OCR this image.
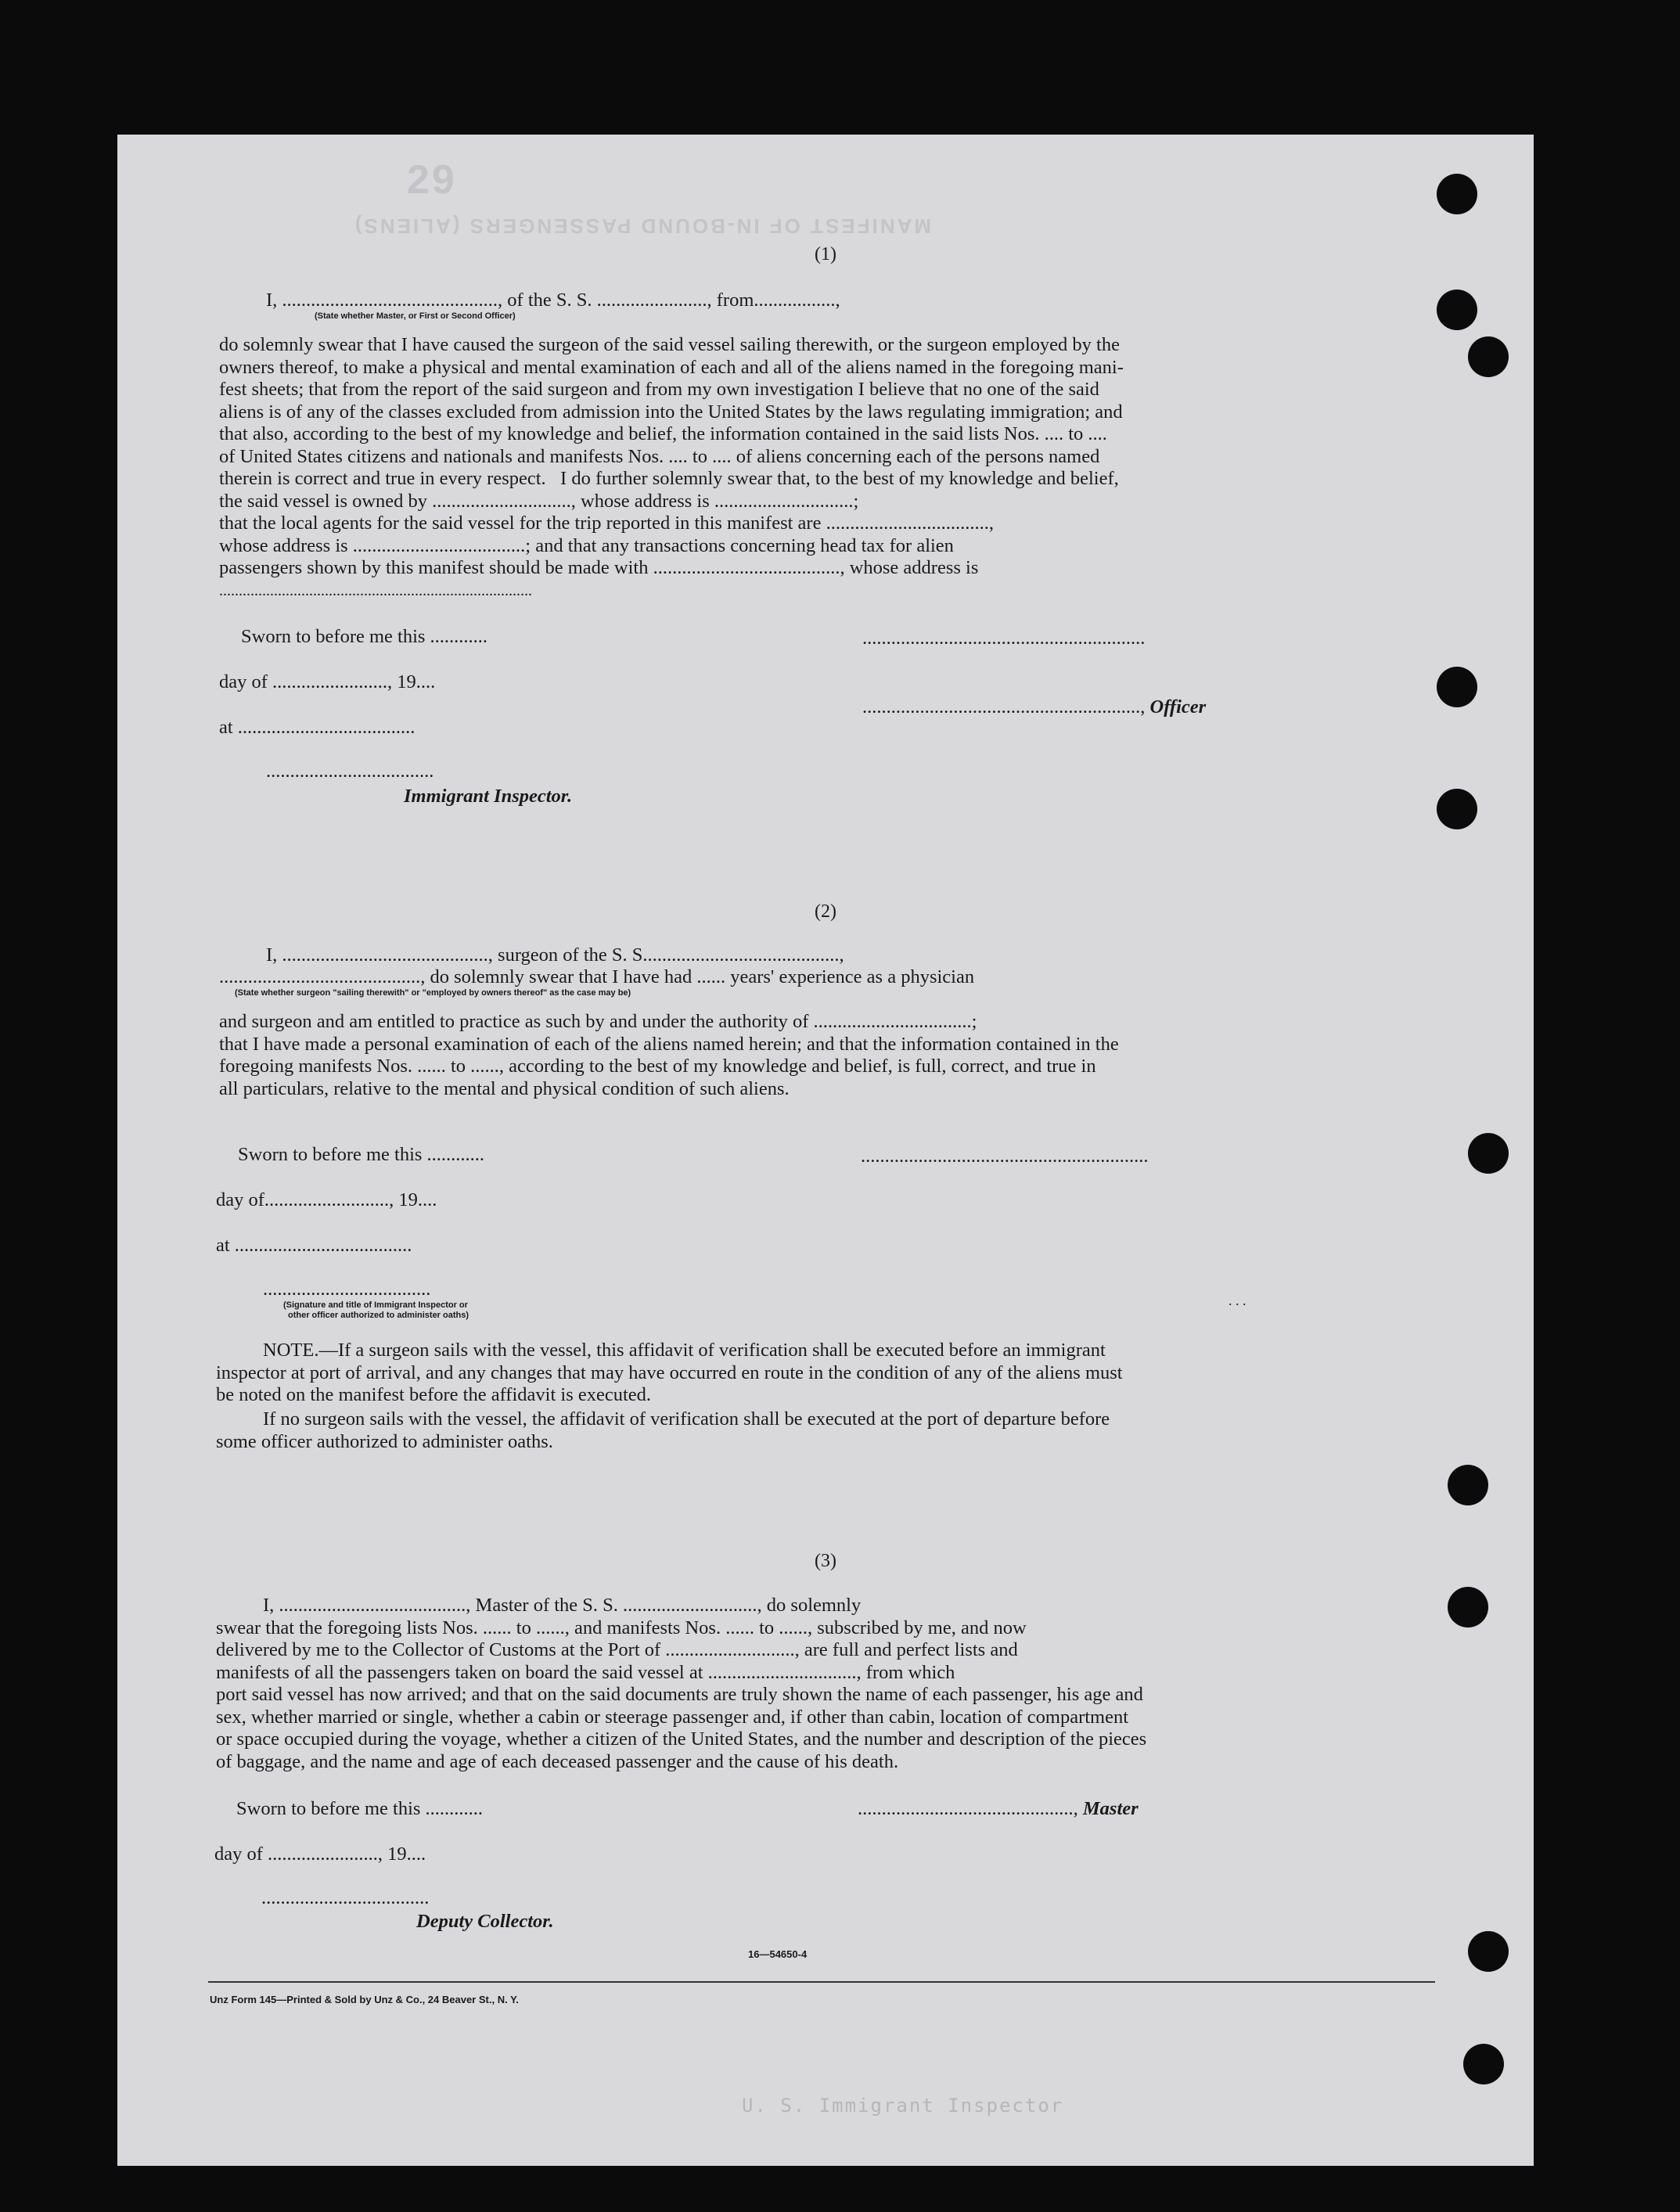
29
MANIFEST OF IN-BOUND PASSENGERS (ALIENS)
U. S. Immigrant Inspector
(1)
I, ............................................., of the S. S. ......................., from.................,
(State whether Master, or First or Second Officer)
do solemnly swear that I have caused the surgeon of the said vessel sailing therewith, or the surgeon employed by the
owners thereof, to make a physical and mental examination of each and all of the aliens named in the foregoing mani-
fest sheets; that from the report of the said surgeon and from my own investigation I believe that no one of the said
aliens is of any of the classes excluded from admission into the United States by the laws regulating immigration; and
that also, according to the best of my knowledge and belief, the information contained in the said lists Nos. .... to ....
of United States citizens and nationals and manifests Nos. .... to .... of aliens concerning each of the persons named
therein is correct and true in every respect.   I do further solemnly swear that, to the best of my knowledge and belief,
the said vessel is owned by ............................., whose address is .............................;
that the local agents for the said vessel for the trip reported in this manifest are ..................................,
whose address is ....................................; and that any transactions concerning head tax for alien
passengers shown by this manifest should be made with ......................................., whose address is
................................................................................
Sworn to before me this ............
day of ........................, 19....
at .....................................
...................................
Immigrant Inspector.
...........................................................
.........................................................., Officer
(2)
I, ..........................................., surgeon of the S. S.........................................,
.........................................., do solemnly swear that I have had ...... years' experience as a physician
(State whether surgeon "sailing therewith" or "employed by owners thereof" as the case may be)
and surgeon and am entitled to practice as such by and under the authority of .................................;
that I have made a personal examination of each of the aliens named herein; and that the information contained in the
foregoing manifests Nos. ...... to ......, according to the best of my knowledge and belief, is full, correct, and true in
all particulars, relative to the mental and physical condition of such aliens.
Sworn to before me this ............
day of.........................., 19....
at .....................................
...................................
(Signature and title of Immigrant Inspector or
other officer authorized to administer oaths)
............................................................
. . .
NOTE.—If a surgeon sails with the vessel, this affidavit of verification shall be executed before an immigrant
inspector at port of arrival, and any changes that may have occurred en route in the condition of any of the aliens must
be noted on the manifest before the affidavit is executed.
If no surgeon sails with the vessel, the affidavit of verification shall be executed at the port of departure before
some officer authorized to administer oaths.
(3)
I, ......................................., Master of the S. S. ............................, do solemnly
swear that the foregoing lists Nos. ...... to ......, and manifests Nos. ...... to ......, subscribed by me, and now
delivered by me to the Collector of Customs at the Port of ..........................., are full and perfect lists and
manifests of all the passengers taken on board the said vessel at ..............................., from which
port said vessel has now arrived; and that on the said documents are truly shown the name of each passenger, his age and
sex, whether married or single, whether a cabin or steerage passenger and, if other than cabin, location of compartment
or space occupied during the voyage, whether a citizen of the United States, and the number and description of the pieces
of baggage, and the name and age of each deceased passenger and the cause of his death.
Sworn to before me this ............
day of ......................., 19....
...................................
Deputy Collector.
............................................., Master
16—54650-4
Unz Form 145—Printed & Sold by Unz & Co., 24 Beaver St., N. Y.
